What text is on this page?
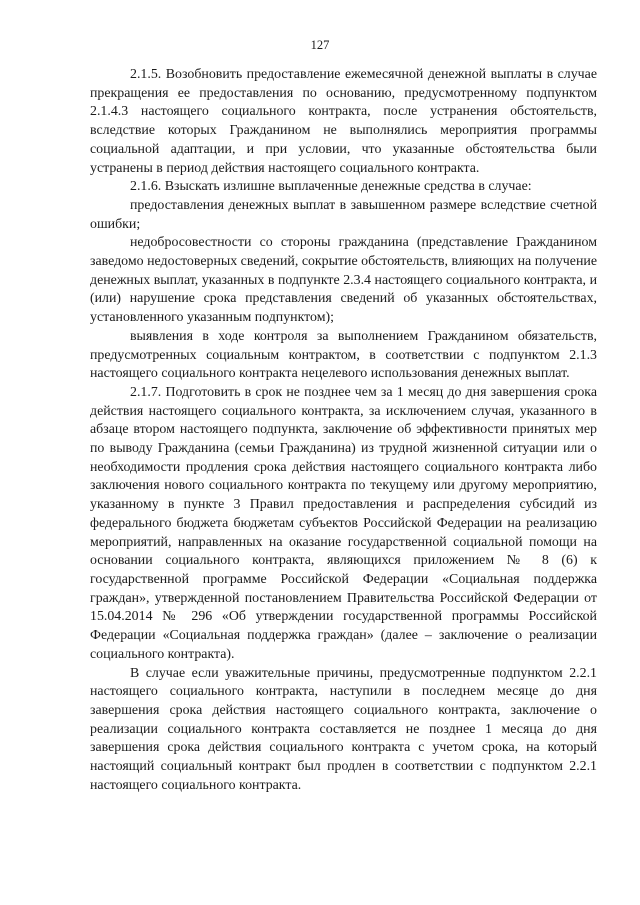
127

2.1.5. Возобновить предоставление ежемесячной денежной выплаты в случае прекращения ее предоставления по основанию, предусмотренному подпунктом 2.1.4.3 настоящего социального контракта, после устранения обстоятельств, вследствие которых Гражданином не выполнялись мероприятия программы социальной адаптации, и при условии, что указанные обстоятельства были устранены в период действия настоящего социального контракта.

2.1.6. Взыскать излишне выплаченные денежные средства в случае:

предоставления денежных выплат в завышенном размере вследствие счетной ошибки;

недобросовестности со стороны гражданина (представление Гражданином заведомо недостоверных сведений, сокрытие обстоятельств, влияющих на получение денежных выплат, указанных в подпункте 2.3.4 настоящего социального контракта, и (или) нарушение срока представления сведений об указанных обстоятельствах, установленного указанным подпунктом);

выявления в ходе контроля за выполнением Гражданином обязательств, предусмотренных социальным контрактом, в соответствии с подпунктом 2.1.3 настоящего социального контракта нецелевого использования денежных выплат.

2.1.7. Подготовить в срок не позднее чем за 1 месяц до дня завершения срока действия настоящего социального контракта, за исключением случая, указанного в абзаце втором настоящего подпункта, заключение об эффективности принятых мер по выводу Гражданина (семьи Гражданина) из трудной жизненной ситуации или о необходимости продления срока действия настоящего социального контракта либо заключения нового социального контракта по текущему или другому мероприятию, указанному в пункте 3 Правил предоставления и распределения субсидий из федерального бюджета бюджетам субъектов Российской Федерации на реализацию мероприятий, направленных на оказание государственной социальной помощи на основании социального контракта, являющихся приложением № 8 (6) к государственной программе Российской Федерации «Социальная поддержка граждан», утвержденной постановлением Правительства Российской Федерации от 15.04.2014 № 296 «Об утверждении государственной программы Российской Федерации «Социальная поддержка граждан» (далее – заключение о реализации социального контракта).

В случае если уважительные причины, предусмотренные подпунктом 2.2.1 настоящего социального контракта, наступили в последнем месяце до дня завершения срока действия настоящего социального контракта, заключение о реализации социального контракта составляется не позднее 1 месяца до дня завершения срока действия социального контракта с учетом срока, на который настоящий социальный контракт был продлен в соответствии с подпунктом 2.2.1 настоящего социального контракта.
